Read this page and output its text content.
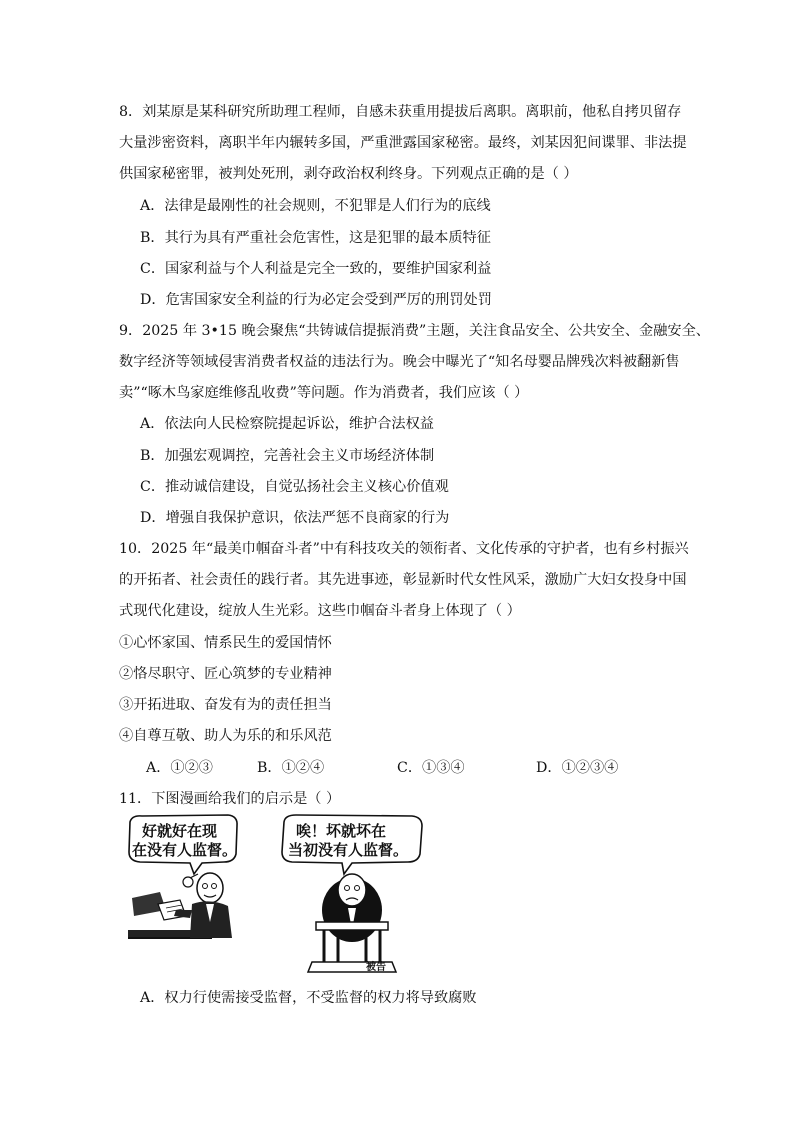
8．刘某原是某科研究所助理工程师，自感未获重用提拔后离职。离职前，他私自拷贝留存
大量涉密资料，离职半年内辗转多国，严重泄露国家秘密。最终，刘某因犯间谍罪、非法提
供国家秘密罪，被判处死刑，剥夺政治权利终身。下列观点正确的是（ ）
A．法律是最刚性的社会规则，不犯罪是人们行为的底线
B．其行为具有严重社会危害性，这是犯罪的最本质特征
C．国家利益与个人利益是完全一致的，要维护国家利益
D．危害国家安全利益的行为必定会受到严厉的刑罚处罚
9．2025 年 3•15 晚会聚焦“共铸诚信提振消费”主题，关注食品安全、公共安全、金融安全、
数字经济等领域侵害消费者权益的违法行为。晚会中曝光了“知名母婴品牌残次料被翻新售
卖”“啄木鸟家庭维修乱收费”等问题。作为消费者，我们应该（ ）
A．依法向人民检察院提起诉讼，维护合法权益
B．加强宏观调控，完善社会主义市场经济体制
C．推动诚信建设，自觉弘扬社会主义核心价值观
D．增强自我保护意识，依法严惩不良商家的行为
10．2025 年“最美巾帼奋斗者”中有科技攻关的领衔者、文化传承的守护者，也有乡村振兴
的开拓者、社会责任的践行者。其先进事迹，彰显新时代女性风采，激励广大妇女投身中国
式现代化建设，绽放人生光彩。这些巾帼奋斗者身上体现了（ ）
①心怀家国、情系民生的爱国情怀
②恪尽职守、匠心筑梦的专业精神
③开拓进取、奋发有为的责任担当
④自尊互敬、助人为乐的和乐风范
A．①②③	B．①②④	C．①③④	D．①②③④
11．下图漫画给我们的启示是（ ）
好就好在现
在没有人监督。
唉！坏就坏在
当初没有人监督。
被告
A．权力行使需接受监督，不受监督的权力将导致腐败
